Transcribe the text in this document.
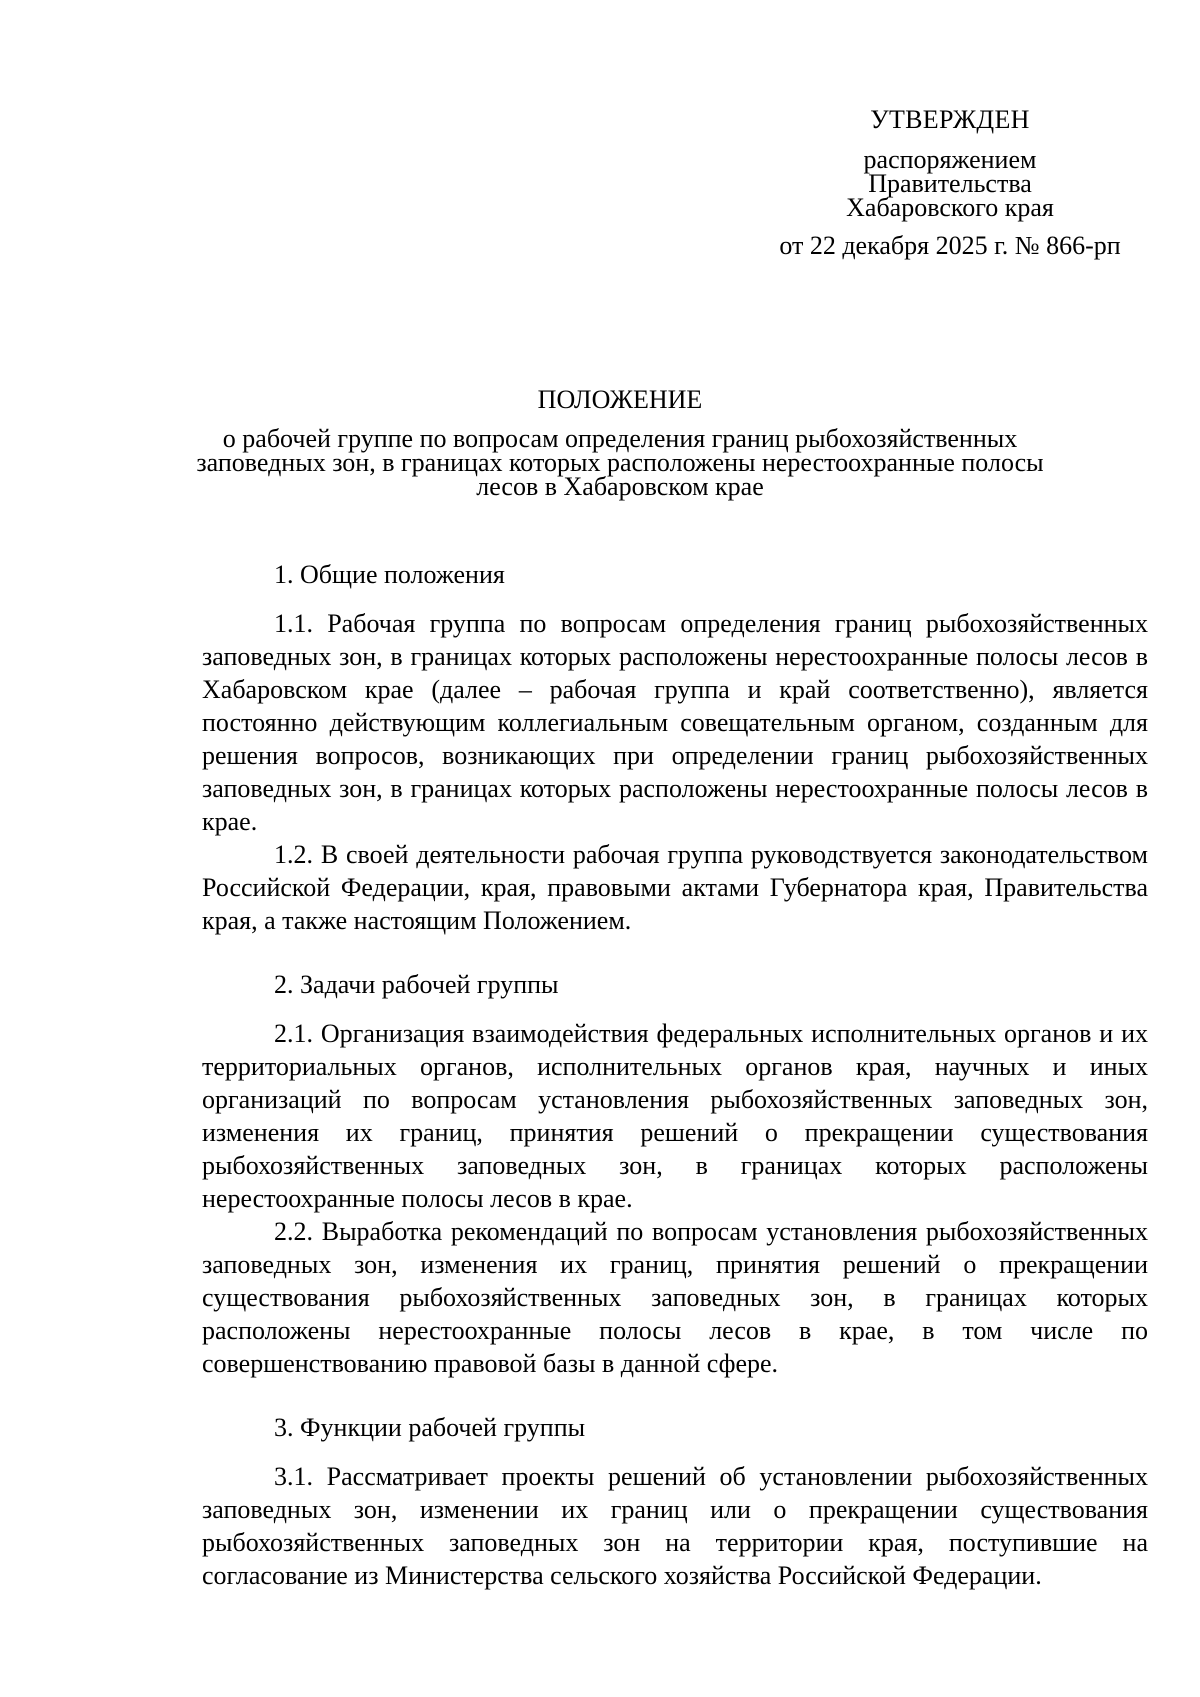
УТВЕРЖДЕН
распоряжением
Правительства
Хабаровского края
от 22 декабря 2025 г. № 866-рп
ПОЛОЖЕНИЕ
о рабочей группе по вопросам определения границ рыбохозяйственных
заповедных зон, в границах которых расположены нерестоохранные полосы
лесов в Хабаровском крае
1. Общие положения

1.1. Рабочая группа по вопросам определения границ рыбохозяйственных заповедных зон, в границах которых расположены нерестоохранные полосы лесов в Хабаровском крае (далее – рабочая группа и край соответственно), является постоянно действующим коллегиальным совещательным органом, созданным для решения вопросов, возникающих при определении границ рыбохозяйственных заповедных зон, в границах которых расположены нерестоохранные полосы лесов в крае.

1.2. В своей деятельности рабочая группа руководствуется законодательством Российской Федерации, края, правовыми актами Губернатора края, Правительства края, а также настоящим Положением.

2. Задачи рабочей группы

2.1. Организация взаимодействия федеральных исполнительных органов и их территориальных органов, исполнительных органов края, научных и иных организаций по вопросам установления рыбохозяйственных заповедных зон, изменения их границ, принятия решений о прекращении существования рыбохозяйственных заповедных зон, в границах которых расположены нерестоохранные полосы лесов в крае.

2.2. Выработка рекомендаций по вопросам установления рыбохозяйственных заповедных зон, изменения их границ, принятия решений о прекращении существования рыбохозяйственных заповедных зон, в границах которых расположены нерестоохранные полосы лесов в крае, в том числе по совершенствованию правовой базы в данной сфере.

3. Функции рабочей группы

3.1. Рассматривает проекты решений об установлении рыбохозяйственных заповедных зон, изменении их границ или о прекращении существования рыбохозяйственных заповедных зон на территории края, поступившие на согласование из Министерства сельского хозяйства Российской Федерации.
